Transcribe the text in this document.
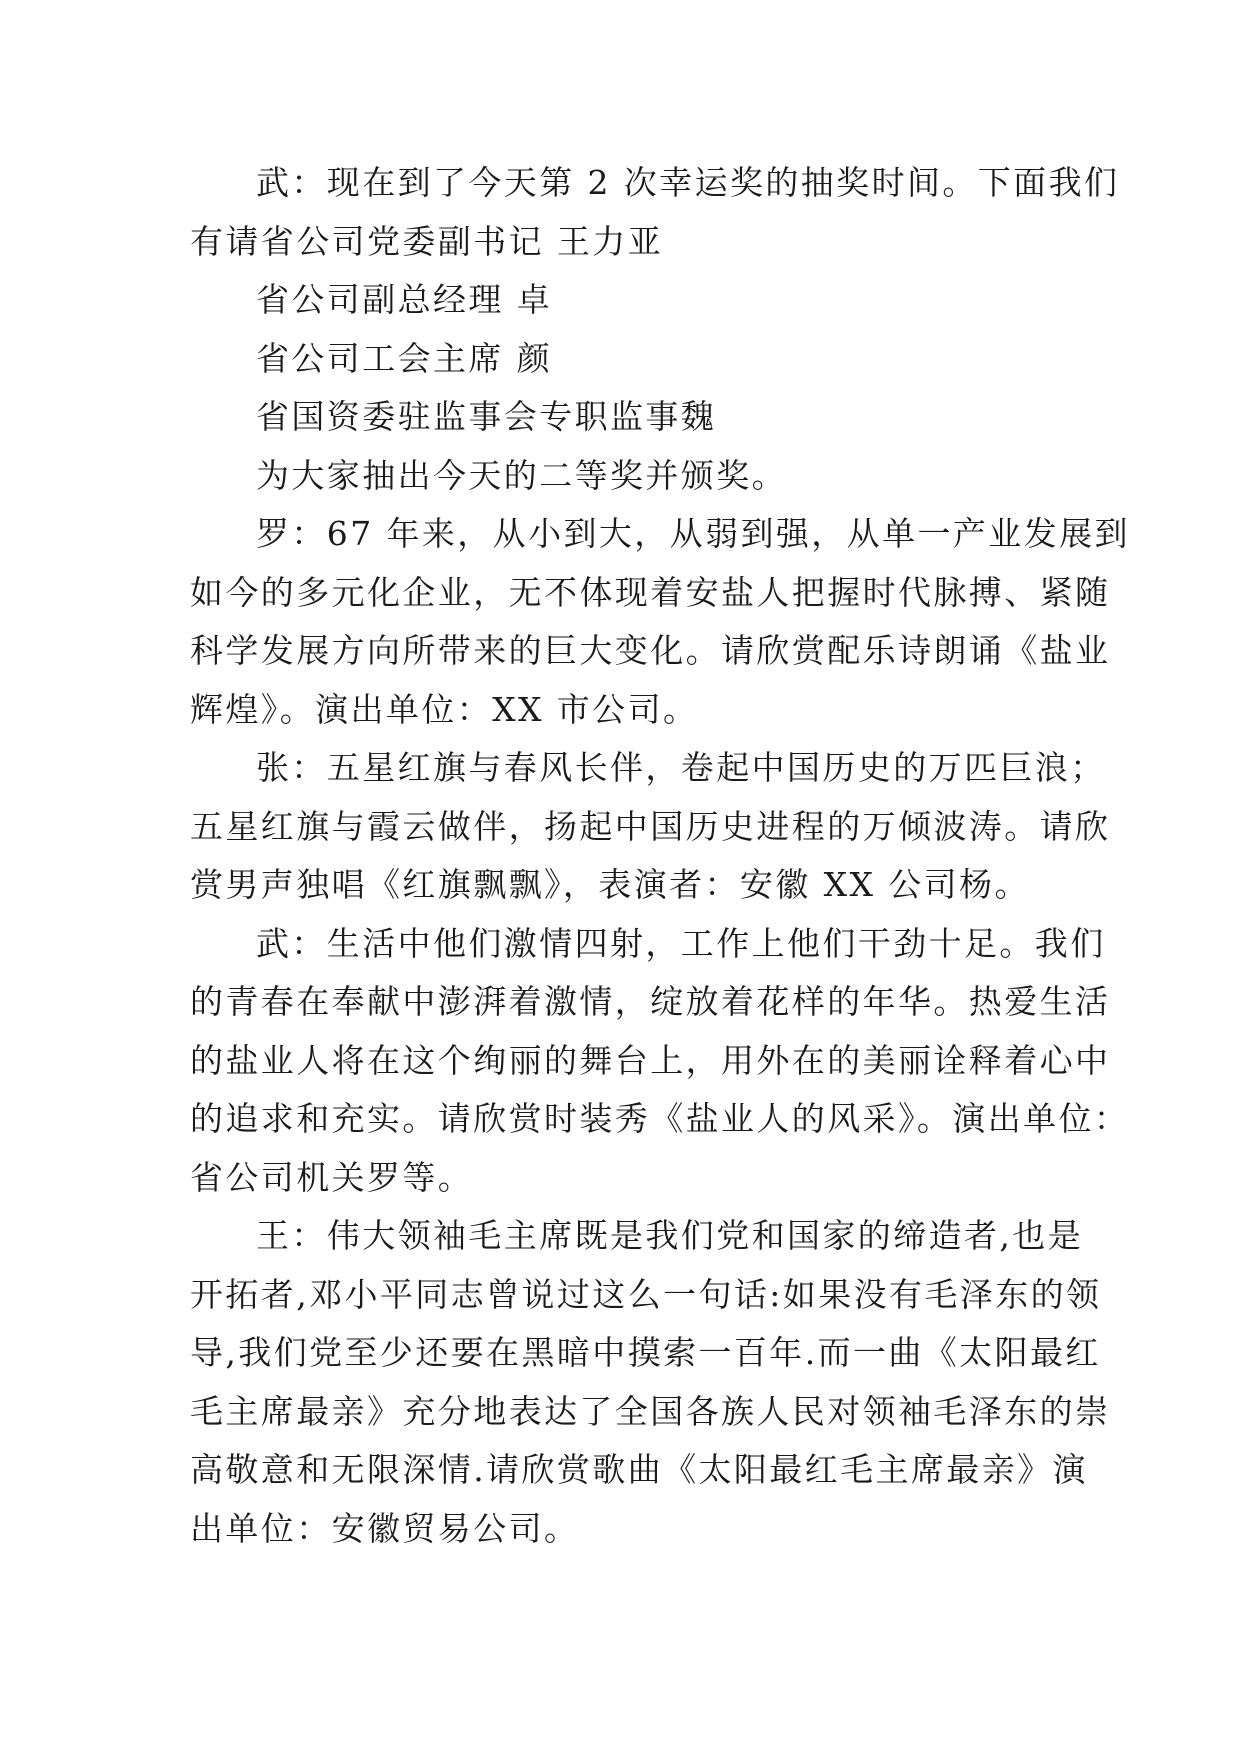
武：现在到了今天第 2 次幸运奖的抽奖时间。下面我们
有请省公司党委副书记 王力亚
省公司副总经理 卓
省公司工会主席 颜
省国资委驻监事会专职监事魏
为大家抽出今天的二等奖并颁奖。
罗：67 年来，从小到大，从弱到强，从单一产业发展到
如今的多元化企业，无不体现着安盐人把握时代脉搏、紧随
科学发展方向所带来的巨大变化。请欣赏配乐诗朗诵《盐业
辉煌》。演出单位：XX 市公司。
张：五星红旗与春风长伴，卷起中国历史的万匹巨浪；
五星红旗与霞云做伴，扬起中国历史进程的万倾波涛。请欣
赏男声独唱《红旗飘飘》，表演者：安徽 XX 公司杨。
武：生活中他们激情四射，工作上他们干劲十足。我们
的青春在奉献中澎湃着激情，绽放着花样的年华。热爱生活
的盐业人将在这个绚丽的舞台上，用外在的美丽诠释着心中
的追求和充实。请欣赏时装秀《盐业人的风采》。演出单位：
省公司机关罗等。
王：伟大领袖毛主席既是我们党和国家的缔造者,也是
开拓者,邓小平同志曾说过这么一句话:如果没有毛泽东的领
导,我们党至少还要在黑暗中摸索一百年.而一曲《太阳最红
毛主席最亲》充分地表达了全国各族人民对领袖毛泽东的崇
高敬意和无限深情.请欣赏歌曲《太阳最红毛主席最亲》演
出单位：安徽贸易公司。
